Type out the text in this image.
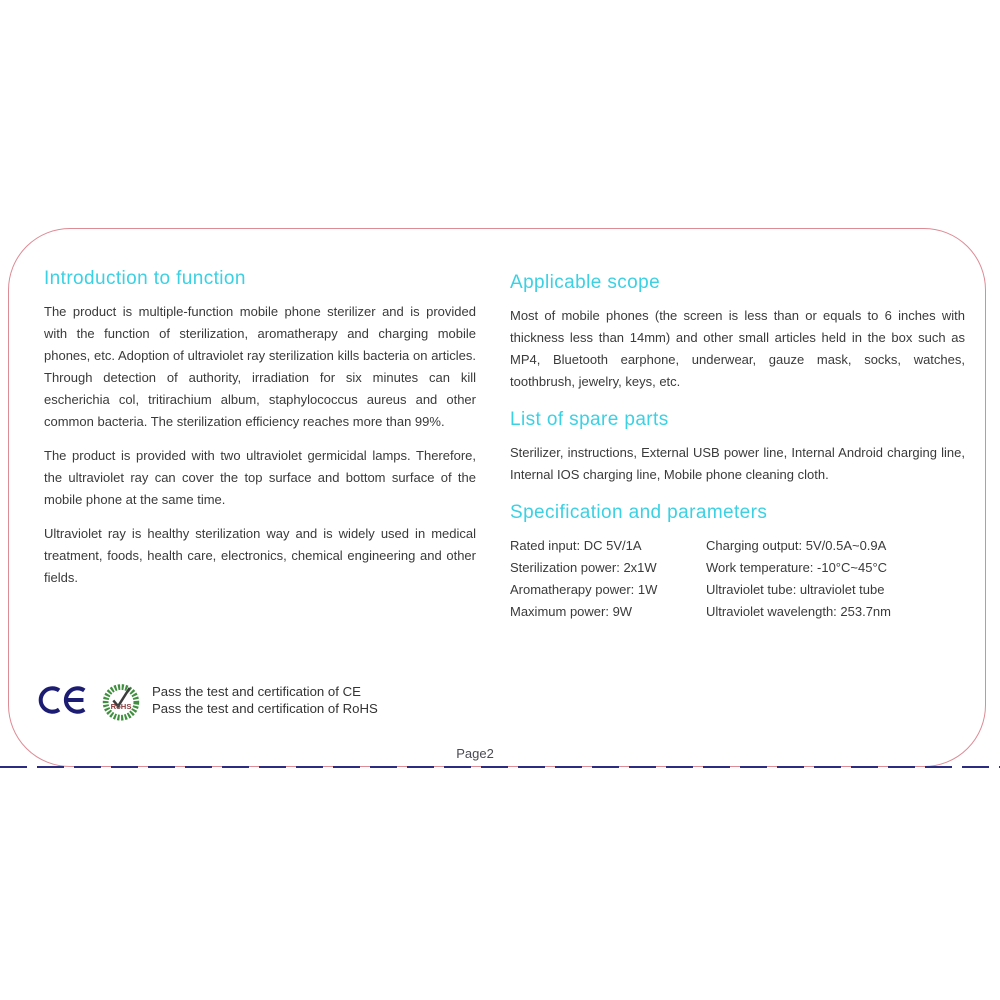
Introduction to function

The product is multiple-function mobile phone sterilizer and is provided with the function of sterilization, aromatherapy and charging mobile phones, etc. Adoption of ultraviolet ray sterilization kills bacteria on articles. Through detection of authority, irradiation for six minutes can kill escherichia col, tritirachium album, staphylococcus aureus and other common bacteria. The sterilization efficiency reaches more than 99%.

The product is provided with two ultraviolet germicidal lamps. Therefore, the ultraviolet ray can cover the top surface and bottom surface of the mobile phone at the same time.

Ultraviolet ray is healthy sterilization way and is widely used in medical treatment, foods, health care, electronics, chemical engineering and other fields.

Applicable scope

Most of mobile phones (the screen is less than or equals to 6 inches with thickness less than 14mm) and other small articles held in the box such as MP4, Bluetooth earphone, underwear, gauze mask, socks, watches, toothbrush, jewelry, keys, etc.

List of spare parts

Sterilizer, instructions, External USB power line, Internal Android charging line, Internal IOS charging line, Mobile phone cleaning cloth.

Specification and parameters
Rated input: DC 5V/1A
Sterilization power: 2x1W
Aromatherapy power: 1W
Maximum power: 9W
Charging output: 5V/0.5A~0.9A
Work temperature: -10°C~45°C
Ultraviolet tube: ultraviolet tube
Ultraviolet wavelength: 253.7nm
RoHS
Pass the test and certification of CE
Pass the test and certification of RoHS
Page2
